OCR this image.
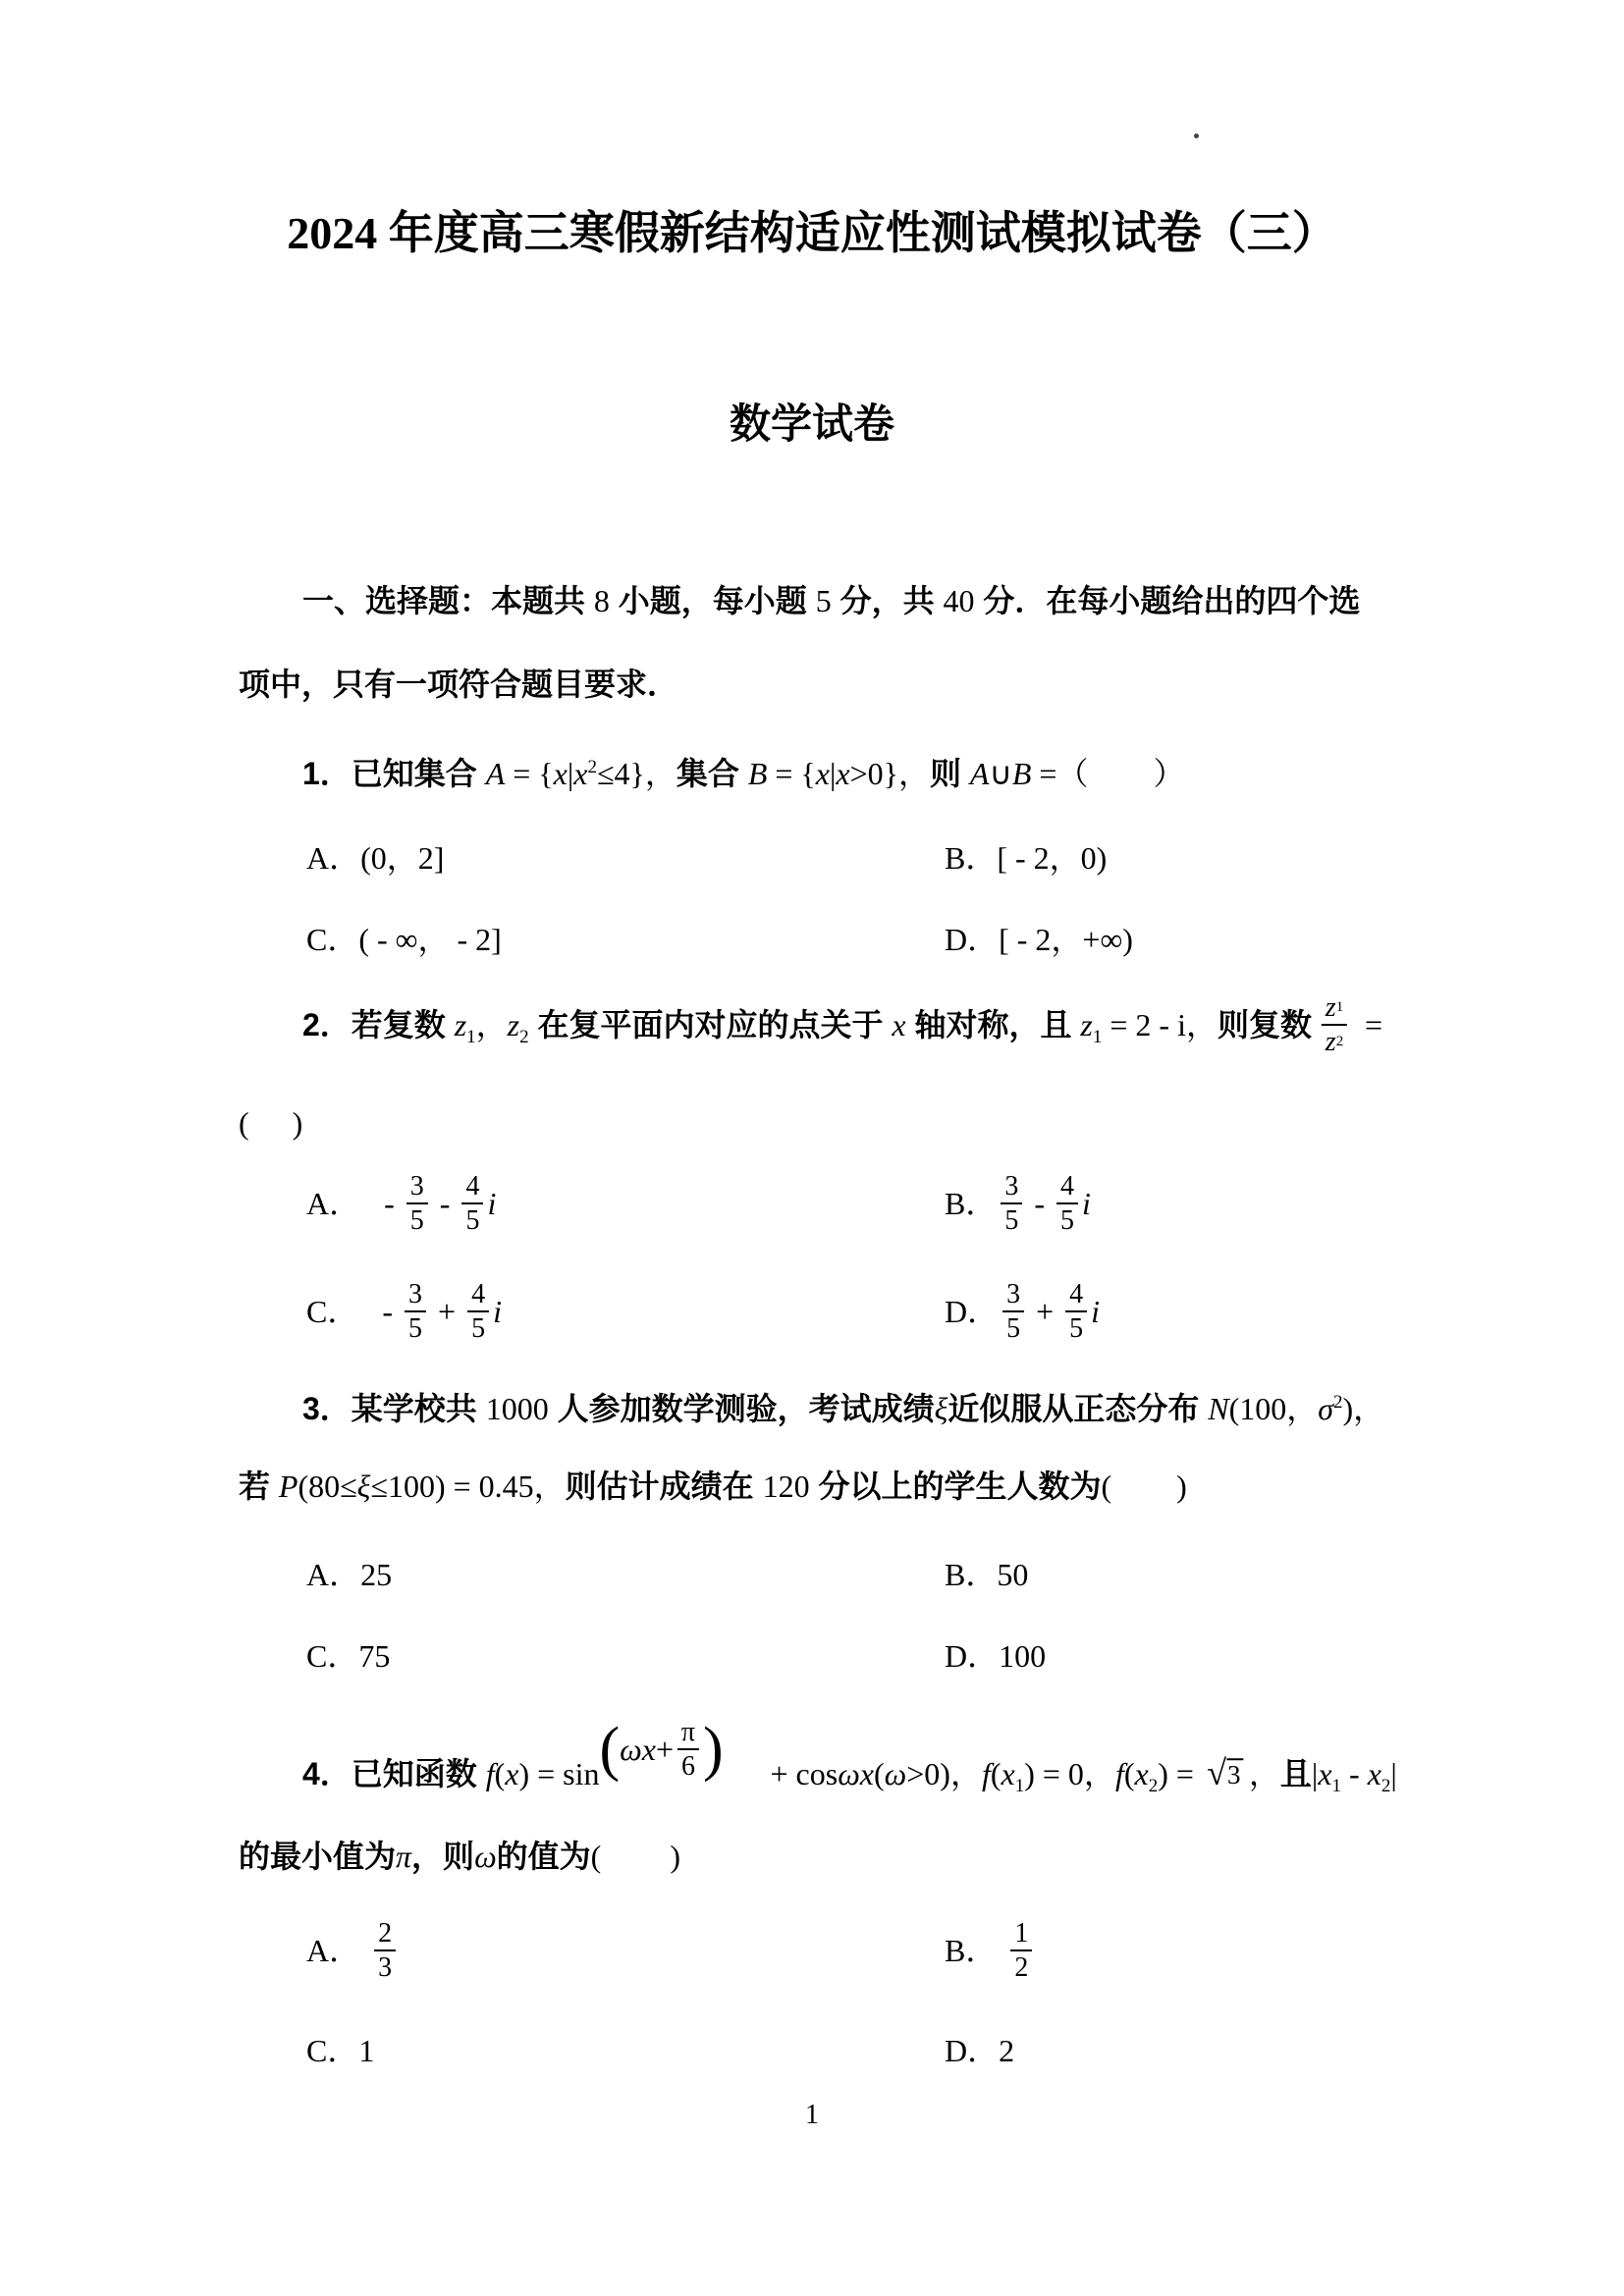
2024 年度高三寒假新结构适应性测试模拟试卷（三）
数学试卷
一、选择题：本题共 8 小题，每小题 5 分，共 40 分．在每小题给出的四个选
项中，只有一项符合题目要求．
1．已知集合 $A = \{x|x^2\le 4\}$，集合 B = {x|x>0}，则 A∪B =（ ）
A．(0，2]	B．[ - 2，0)
C．( - ∞， - 2]	D．[ - 2，+∞)
2．若复数 $z_1$，$z_2$ 在复平面内对应的点关于 x 轴对称，且 $z_1 = 2 - i$，则复数 $\frac{z 1}{z 2}$ =
( )
A． - $\frac{3}{5} - \frac{4}{5}$ i	B． $\frac{3}{5} - \frac{4}{5}$ i
C． - $\frac{3}{5} + \frac{4}{5}$ i	D． $\frac{3}{5} + \frac{4}{5}$ i
3．某学校共 1000 人参加数学测验，考试成绩ξ近似服从正态分布 N(100，$\sigma^2$)，
若 P(80≤ξ≤100) = 0.45，则估计成绩在 120 分以上的学生人数为( )
A．25	B．50
C．75	D．100
4．已知函数 f(x) = sin ( $\omega x + \frac{\pi}{6}$ ) + cosωx(ω>0)，$f(x_1) = 0$，$f(x_2)$ = √ 3 ，且$|x_1 - x_2|$
的最小值为π，则ω的值为( )
A． $\frac{2}{3}$	B． $\frac{1}{2}$
C．1	D．2
1
